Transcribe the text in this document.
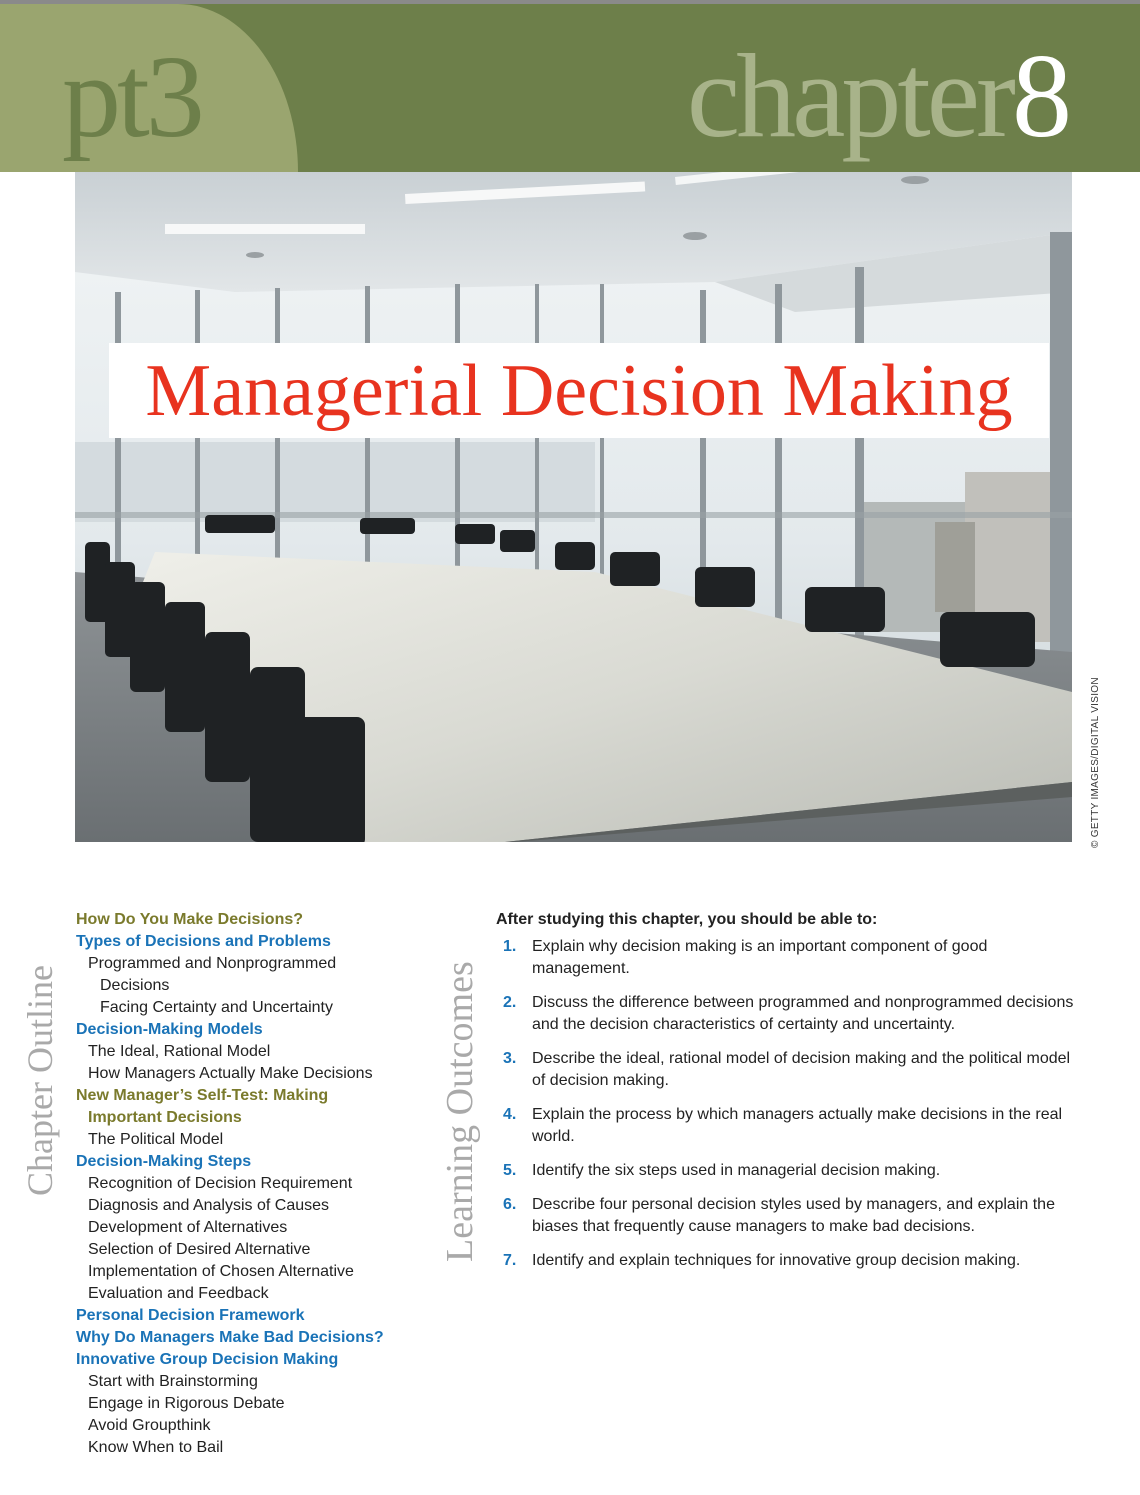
pt3	chapter8
Managerial Decision Making
© GETTY IMAGES/DIGITAL VISION
Chapter Outline
How Do You Make Decisions?
Types of Decisions and Problems
Programmed and Nonprogrammed
Decisions
Facing Certainty and Uncertainty
Decision-Making Models
The Ideal, Rational Model
How Managers Actually Make Decisions
New Manager’s Self-Test: Making
Important Decisions
The Political Model
Decision-Making Steps
Recognition of Decision Requirement
Diagnosis and Analysis of Causes
Development of Alternatives
Selection of Desired Alternative
Implementation of Chosen Alternative
Evaluation and Feedback
Personal Decision Framework
Why Do Managers Make Bad Decisions?
Innovative Group Decision Making
Start with Brainstorming
Engage in Rigorous Debate
Avoid Groupthink
Know When to Bail
Learning Outcomes
After studying this chapter, you should be able to:
1. Explain why decision making is an important component of good management.
2. Discuss the difference between programmed and nonprogrammed decisions and the decision characteristics of certainty and uncertainty.
3. Describe the ideal, rational model of decision making and the political model of decision making.
4. Explain the process by which managers actually make decisions in the real world.
5. Identify the six steps used in managerial decision making.
6. Describe four personal decision styles used by managers, and explain the biases that frequently cause managers to make bad decisions.
7. Identify and explain techniques for innovative group decision making.
